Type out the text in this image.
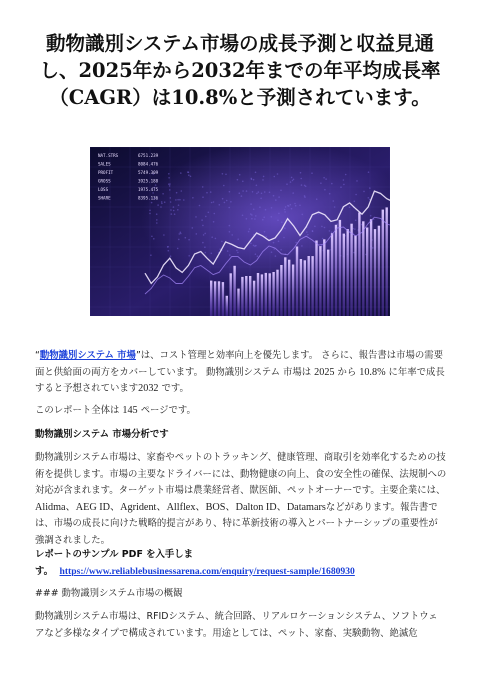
動物識別システム市場の成長予測と収益見通
し、2025年から2032年までの年平均成長率
（CAGR）は10.8%と予測されています。
NAT.STRS	6751.239
SALES	8084.476
PROFIT	5749.309
GROSS	3925.188
LOSS	1975.475
SHARE	8395.136

“動物識別システム 市場”は、コスト管理と効率向上を優先します。 さらに、報告書は市場の需要面と供給面の両方をカバーしています。 動物識別システム 市場は 2025 から 10.8% に年率で成長すると予想されています2032 です。

このレポート全体は 145 ページです。

動物識別システム 市場分析です

動物識別システム市場は、家畜やペットのトラッキング、健康管理、商取引を効率化するための技術を提供します。市場の主要なドライバーには、動物健康の向上、食の安全性の確保、法規制への対応が含まれます。ターゲット市場は農業経営者、獣医師、ペットオーナーです。主要企業には、Alidma、AEG ID、Agrident、Allflex、BOS、Dalton ID、Datamarsなどがあります。報告書では、市場の成長に向けた戦略的提言があり、特に革新技術の導入とパートナーシップの重要性が強調されました。

レポートのサンプル PDF を入手しま

す。 https://www.reliablebusinessarena.com/enquiry/request-sample/1680930

### 動物識別システム市場の概観
動物識別システム市場は、RFIDシステム、統合回路、リアルロケーションシステム、ソフトウェアなど多様なタイプで構成されています。用途としては、ペット、家畜、実験動物、絶滅危
